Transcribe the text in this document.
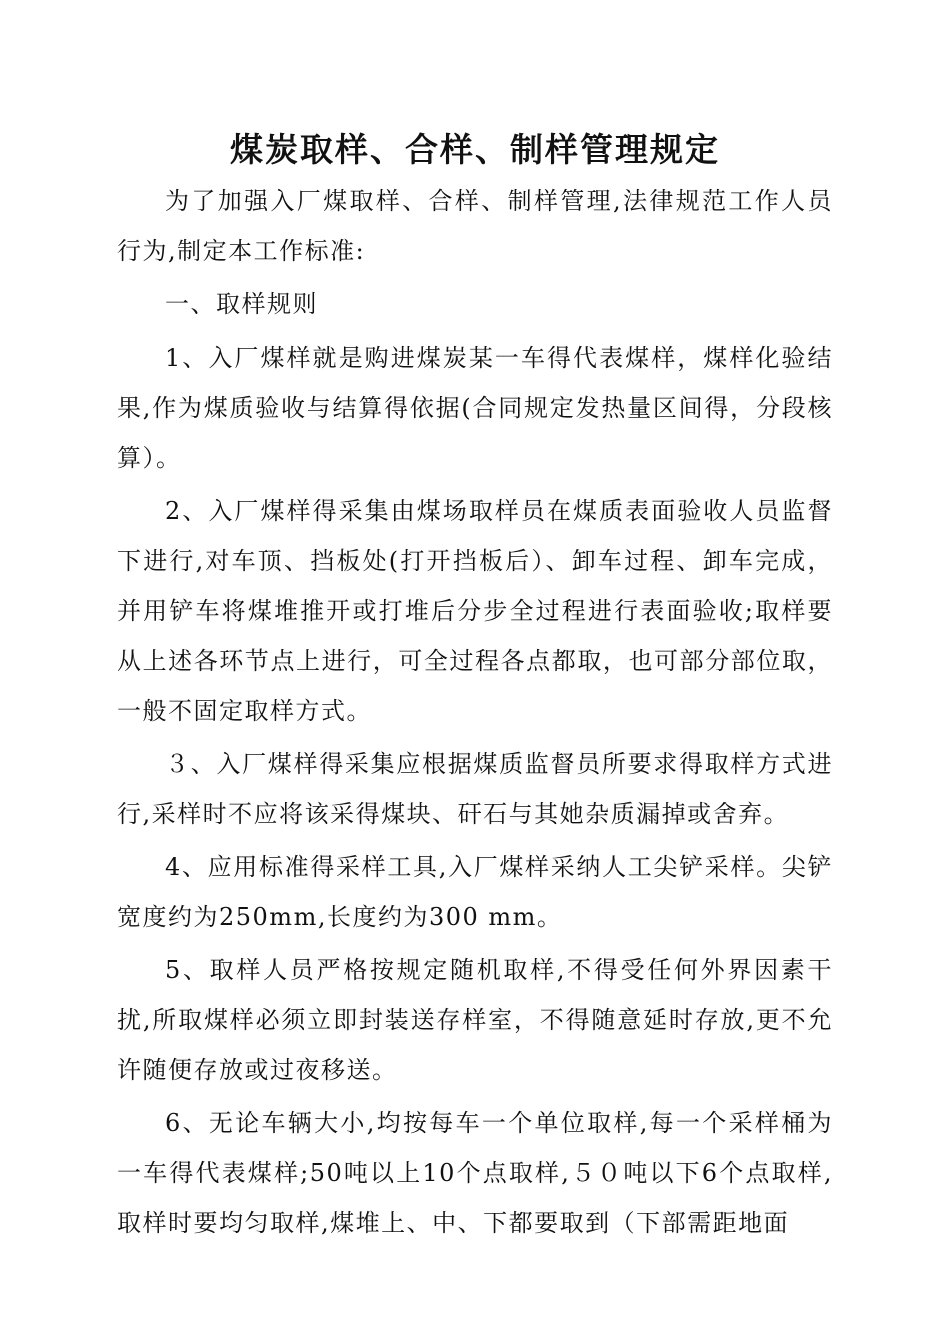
煤炭取样、合样、制样管理规定

为了加强入厂煤取样、合样、制样管理,法律规范工作人员行为,制定本工作标准:

一、取样规则

1、入厂煤样就是购进煤炭某一车得代表煤样，煤样化验结果,作为煤质验收与结算得依据(合同规定发热量区间得，分段核算）。

2、入厂煤样得采集由煤场取样员在煤质表面验收人员监督下进行,对车顶、挡板处(打开挡板后）、卸车过程、卸车完成，并用铲车将煤堆推开或打堆后分步全过程进行表面验收;取样要从上述各环节点上进行，可全过程各点都取，也可部分部位取，一般不固定取样方式。

３、入厂煤样得采集应根据煤质监督员所要求得取样方式进行,采样时不应将该采得煤块、矸石与其她杂质漏掉或舍弃。

4、应用标准得采样工具,入厂煤样采纳人工尖铲采样。尖铲宽度约为250mm,长度约为300 mm。

5、取样人员严格按规定随机取样,不得受任何外界因素干扰,所取煤样必须立即封装送存样室，不得随意延时存放,更不允许随便存放或过夜移送。

6、无论车辆大小,均按每车一个单位取样,每一个采样桶为一车得代表煤样;50吨以上10个点取样,５０吨以下6个点取样,取样时要均匀取样,煤堆上、中、下都要取到（下部需距地面
